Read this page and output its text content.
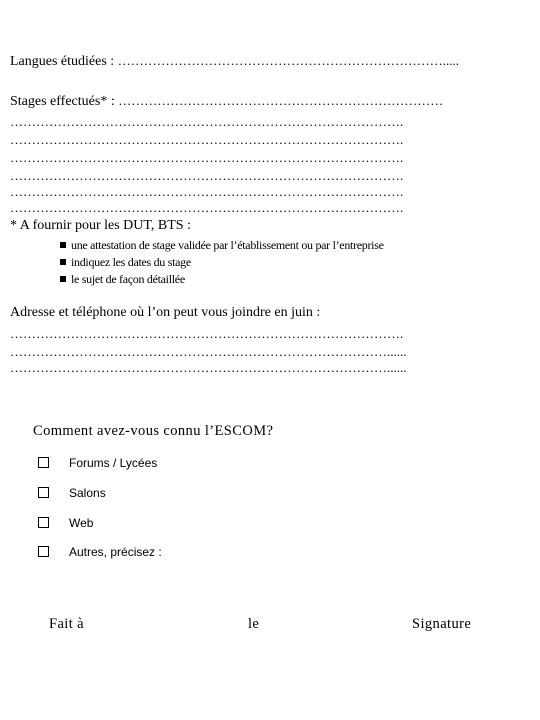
Langues étudiées : ………………………………………………………………….....
Stages effectués* : …………………………………………………………………
……………………………………………………………………………….
……………………………………………………………………………….
……………………………………………………………………………….
……………………………………………………………………………….
……………………………………………………………………………….
……………………………………………………………………………….
* A fournir pour les DUT, BTS :
une attestation de stage validée par l’établissement ou par l’entreprise
indiquez les dates du stage
le sujet de façon détaillée
Adresse et téléphone où l’on peut vous joindre en juin :
……………………………………………………………………………….
……………………………………………………………………………......
……………………………………………………………………………......
Comment avez-vous connu l’ESCOM?
Forums / Lycées
Salons
Web
Autres, précisez :
Fait à	le	Signature
